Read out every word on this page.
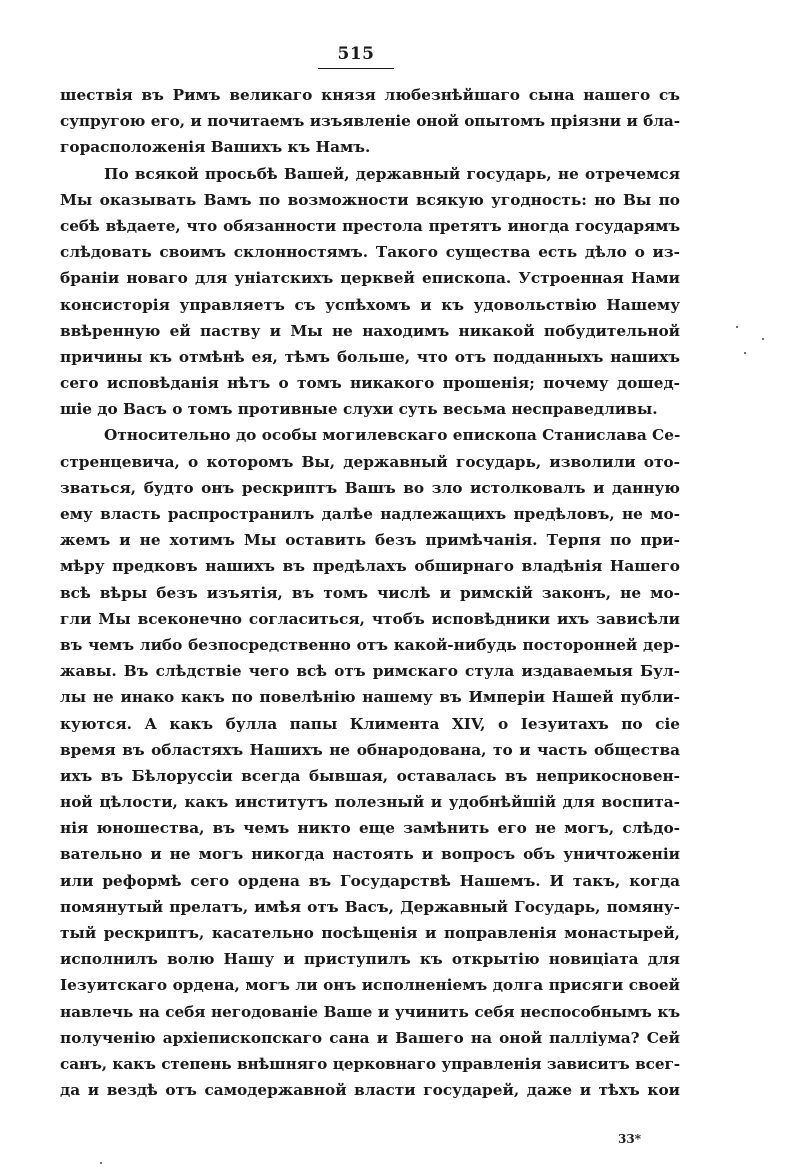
515
шествія въ Римъ великаго князя любезнѣйшаго сына нашего съ
супругою его, и почитаемъ изъявленіе оной опытомъ пріязни и бла-
горасположенія Вашихъ къ Намъ.
По всякой просьбѣ Вашей, державный государь, не отречемся
Мы оказывать Вамъ по возможности всякую угодность: но Вы по
себѣ вѣдаете, что обязанности престола претятъ иногда государямъ
слѣдовать своимъ склонностямъ. Такого существа есть дѣло о из-
браніи новаго для уніатскихъ церквей епископа. Устроенная Нами
консисторія управляетъ съ успѣхомъ и къ удовольствію Нашему
ввѣренную ей паству и Мы не находимъ никакой побудительной
причины къ отмѣнѣ ея, тѣмъ больше, что отъ подданныхъ нашихъ
сего исповѣданія нѣтъ о томъ никакого прошенія; почему дошед-
шіе до Васъ о томъ противные слухи суть весьма несправедливы.
Относительно до особы могилевскаго епископа Станислава Се-
стренцевича, о которомъ Вы, державный государь, изволили ото-
зваться, будто онъ рескриптъ Вашъ во зло истолковалъ и данную
ему власть распространилъ далѣе надлежащихъ предѣловъ, не мо-
жемъ и не хотимъ Мы оставить безъ примѣчанія. Терпя по при-
мѣру предковъ нашихъ въ предѣлахъ обширнаго владѣнія Нашего
всѣ вѣры безъ изъятія, въ томъ числѣ и римскій законъ, не мо-
гли Мы всеконечно согласиться, чтобъ исповѣдники ихъ зависѣли
въ чемъ либо безпосредственно отъ какой-нибудь посторонней дер-
жавы. Въ слѣдствіе чего всѣ отъ римскаго стула издаваемыя Бул-
лы не инако какъ по повелѣнію нашему въ Имперіи Нашей публи-
куются. А какъ булла папы Климента XIV, о Іезуитахъ по сіе
время въ областяхъ Нашихъ не обнародована, то и часть общества
ихъ въ Бѣлоруссіи всегда бывшая, оставалась въ неприкосновен-
ной цѣлости, какъ институтъ полезный и удобнѣйшій для воспита-
нія юношества, въ чемъ никто еще замѣнить его не могъ, слѣдо-
вательно и не могъ никогда настоять и вопросъ объ уничтоженіи
или реформѣ сего ордена въ Государствѣ Нашемъ. И такъ, когда
помянутый прелатъ, имѣя отъ Васъ, Державный Государь, помяну-
тый рескриптъ, касательно посѣщенія и поправленія монастырей,
исполнилъ волю Нашу и приступилъ къ открытію новиціата для
Іезуитскаго ордена, могъ ли онъ исполненіемъ долга присяги своей
навлечь на себя негодованіе Ваше и учинить себя неспособнымъ къ
полученію архіепископскаго сана и Вашего на оной палліума? Сей
санъ, какъ степень внѣшняго церковнаго управленія зависитъ всег-
да и вездѣ отъ самодержавной власти государей, даже и тѣхъ кои
33*
